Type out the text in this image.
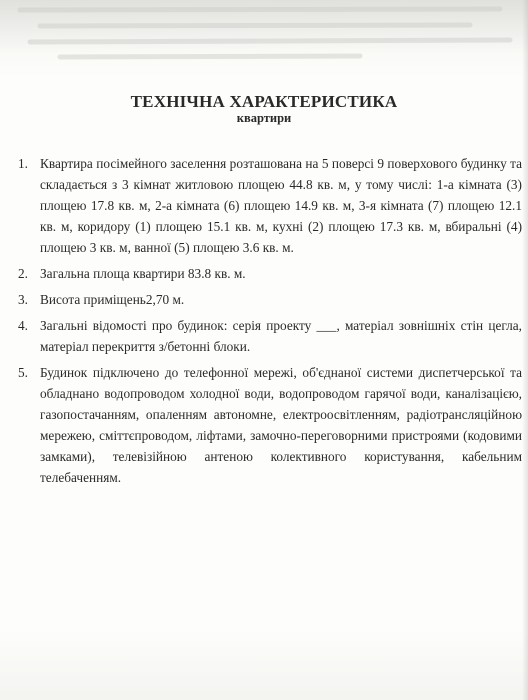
ТЕХНІЧНА ХАРАКТЕРИСТИКА
квартири
1. Квартира посімейного заселення розташована на 5 поверсі 9 поверхового будинку та складається з 3 кімнат житловою площею 44.8 кв. м, у тому числі: 1-а кімната (3) площею 17.8 кв. м, 2-а кімната (6) площею 14.9 кв. м, 3-я кімната (7) площею 12.1 кв. м, коридору (1) площею 15.1 кв. м, кухні (2) площею 17.3 кв. м, вбиральні (4) площею 3 кв. м, ванної (5) площею 3.6 кв. м.
2. Загальна площа квартири 83.8 кв. м.
3. Висота приміщень2,70 м.
4. Загальні відомості про будинок: серія проекту ___, матеріал зовнішніх стін цегла, матеріал перекриття з/бетонні блоки.
5. Будинок підключено до телефонної мережі, об'єднаної системи диспетчерської та обладнано водопроводом холодної води, водопроводом гарячої води, каналізацією, газопостачанням, опаленням автономне, електроосвітленням, радіотрансляційною мережею, сміттєпроводом, ліфтами, замочно-переговорними пристроями (кодовими замками), телевізійною антеною колективного користування, кабельним телебаченням.
